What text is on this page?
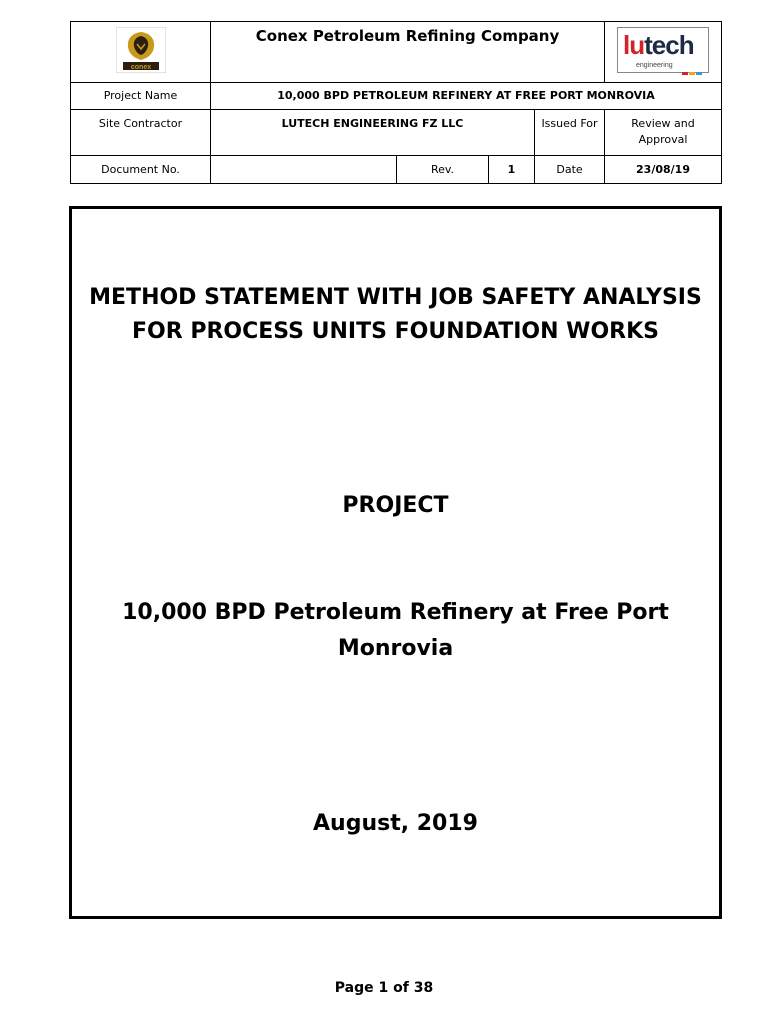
conex	Conex Petroleum Refining Company				lutech
engineering

Project Name	10,000 BPD PETROLEUM REFINERY AT FREE PORT MONROVIA				
Site Contractor	LUTECH ENGINEERING FZ LLC			Issued For	Review and Approval
Document No.		Rev.	1	Date	23/08/19
METHOD STATEMENT WITH JOB SAFETY ANALYSIS
FOR PROCESS UNITS FOUNDATION WORKS
PROJECT
10,000 BPD Petroleum Refinery at Free Port Monrovia
August, 2019
Page 1 of 38
